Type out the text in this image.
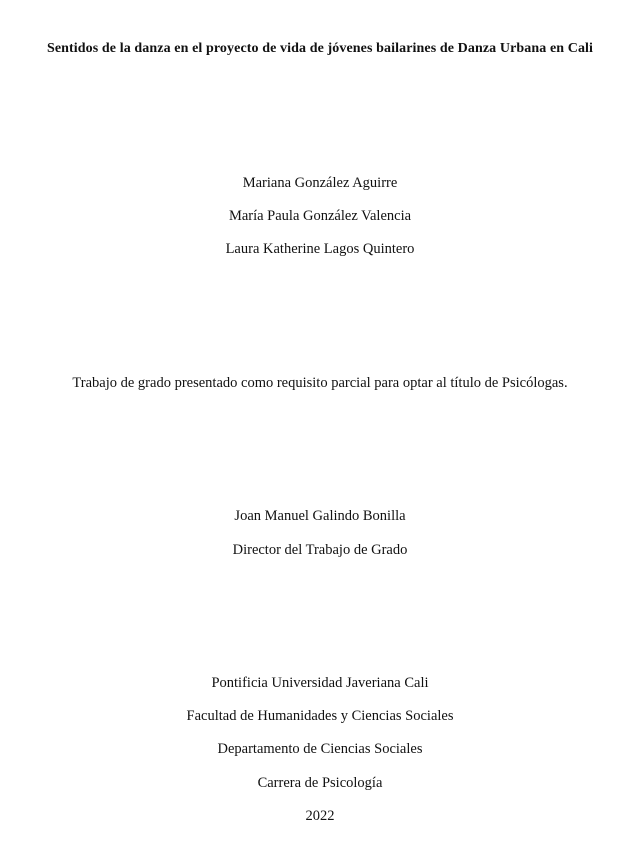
Sentidos de la danza en el proyecto de vida de jóvenes bailarines de Danza Urbana en Cali
Mariana González Aguirre
María Paula González Valencia
Laura Katherine Lagos Quintero
Trabajo de grado presentado como requisito parcial para optar al título de Psicólogas.
Joan Manuel Galindo Bonilla
Director del Trabajo de Grado
Pontificia Universidad Javeriana Cali
Facultad de Humanidades y Ciencias Sociales
Departamento de Ciencias Sociales
Carrera de Psicología
2022
